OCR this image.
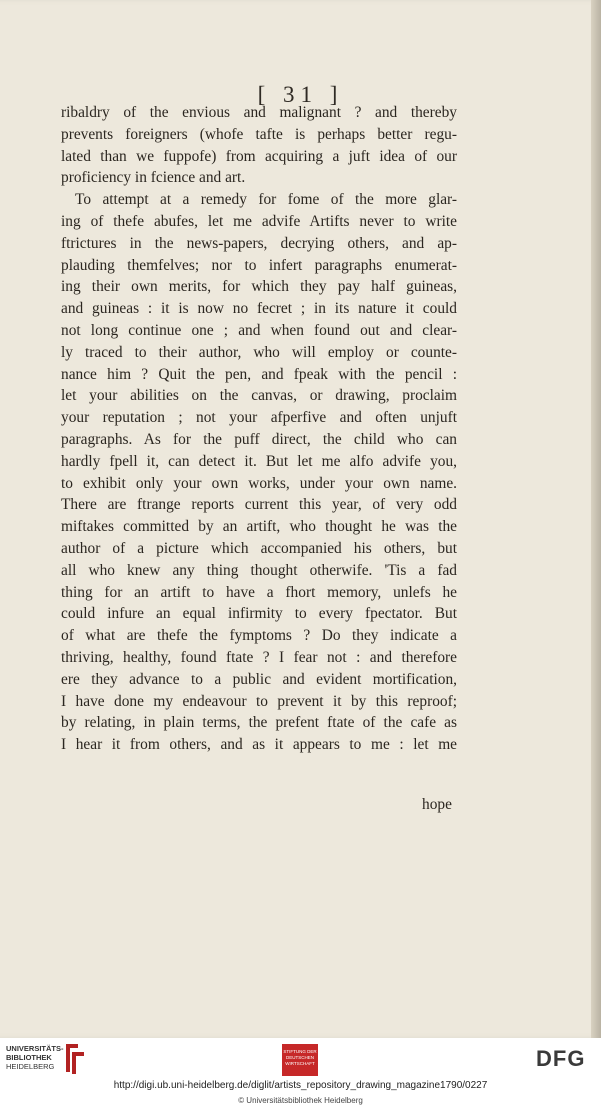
[ 31 ]
ribaldry of the envious and malignant ? and thereby
prevents foreigners (whofe tafte is perhaps better regu-
lated than we fuppofe) from acquiring a juft idea of our
proficiency in fcience and art.
To attempt at a remedy for fome of the more glar-
ing of thefe abufes, let me advife Artifts never to write
ftrictures in the news-papers, decrying others, and ap-
plauding themfelves; nor to infert paragraphs enumerat-
ing their own merits, for which they pay half guineas,
and guineas : it is now no fecret ; in its nature it could
not long continue one ; and when found out and clear-
ly traced to their author, who will employ or counte-
nance him ? Quit the pen, and fpeak with the pencil :
let your abilities on the canvas, or drawing, proclaim
your reputation ; not your afperfive and often unjuft
paragraphs. As for the puff direct, the child who can
hardly fpell it, can detect it. But let me alfo advife you,
to exhibit only your own works, under your own name.
There are ftrange reports current this year, of very odd
miftakes committed by an artift, who thought he was the
author of a picture which accompanied his others, but
all who knew any thing thought otherwife. 'Tis a fad
thing for an artift to have a fhort memory, unlefs he
could infure an equal infirmity to every fpectator. But
of what are thefe the fymptoms ? Do they indicate a
thriving, healthy, found ftate ? I fear not : and therefore
ere they advance to a public and evident mortification,
I have done my endeavour to prevent it by this reproof;
by relating, in plain terms, the prefent ftate of the cafe as
I hear it from others, and as it appears to me : let me
hope
UNIVERSITÄTS-
BIBLIOTHEK
HEIDELBERG
STIFTUNG DER
DEUTSCHEN
WIRTSCHAFT	DFG
http://digi.ub.uni-heidelberg.de/diglit/artists_repository_drawing_magazine1790/0227
© Universitätsbibliothek Heidelberg
